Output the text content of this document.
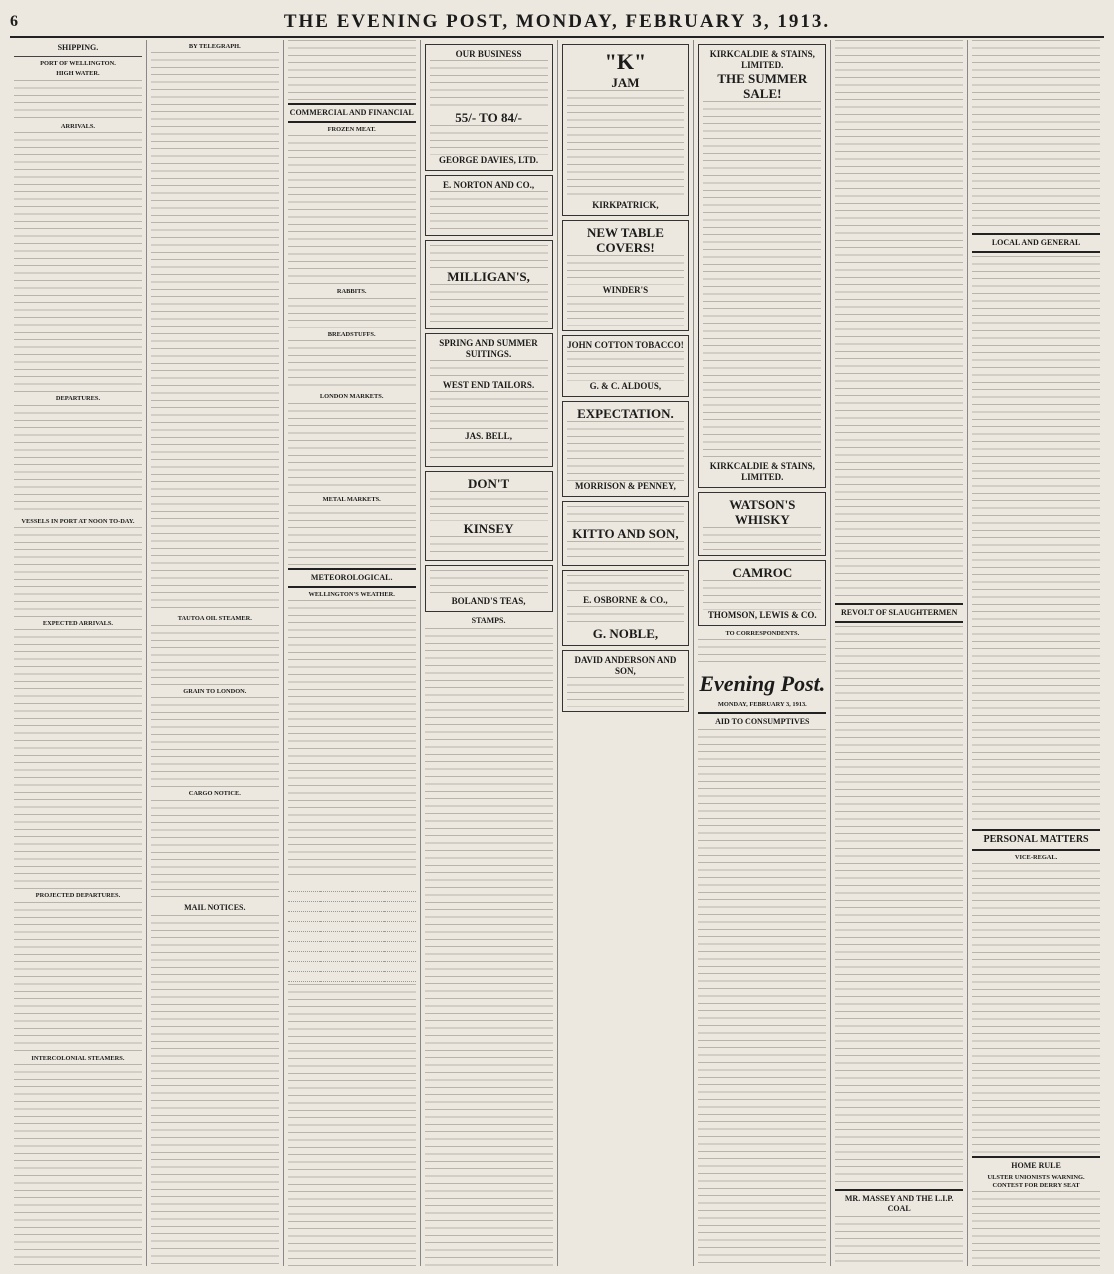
6	THE EVENING POST, MONDAY, FEBRUARY 3, 1913.
SHIPPING.
PORT OF WELLINGTON.
HIGH WATER.
ARRIVALS.
DEPARTURES.
VESSELS IN PORT AT NOON TO-DAY.
EXPECTED ARRIVALS.
PROJECTED DEPARTURES.
INTERCOLONIAL STEAMERS.
BY TELEGRAPH.
TAUTOA OIL STEAMER.
GRAIN TO LONDON.
CARGO NOTICE.
MAIL NOTICES.
COMMERCIAL AND FINANCIAL
FROZEN MEAT.
RABBITS.
BREADSTUFFS.
LONDON MARKETS.
METAL MARKETS.
METEOROLOGICAL.
WELLINGTON'S WEATHER.

OUR BUSINESS
55/- TO 84/-
GEORGE DAVIES, LTD.
E. NORTON AND CO.,
MILLIGAN'S,
SPRING AND SUMMER SUITINGS.
WEST END TAILORS.
JAS. BELL,
DON'T
KINSEY
BOLAND'S TEAS,
STAMPS.
"K"
JAM
KIRKPATRICK,
NEW TABLE COVERS!
WINDER'S
JOHN COTTON TOBACCO!
G. & C. ALDOUS,
EXPECTATION.
MORRISON & PENNEY,
KITTO AND SON,
E. OSBORNE & CO.,
G. NOBLE,
DAVID ANDERSON AND SON,
KIRKCALDIE & STAINS, LIMITED.
THE SUMMER SALE!
KIRKCALDIE & STAINS, LIMITED.
WATSON'S WHISKY
CAMROC
THOMSON, LEWIS & CO.
TO CORRESPONDENTS.
Evening Post.
MONDAY, FEBRUARY 3, 1913.
AID TO CONSUMPTIVES
REVOLT OF SLAUGHTERMEN
MR. MASSEY AND THE L.I.P. COAL
LOCAL AND GENERAL
PERSONAL MATTERS
VICE-REGAL.
HOME RULE
ULSTER UNIONISTS WARNING. CONTEST FOR DERRY SEAT
